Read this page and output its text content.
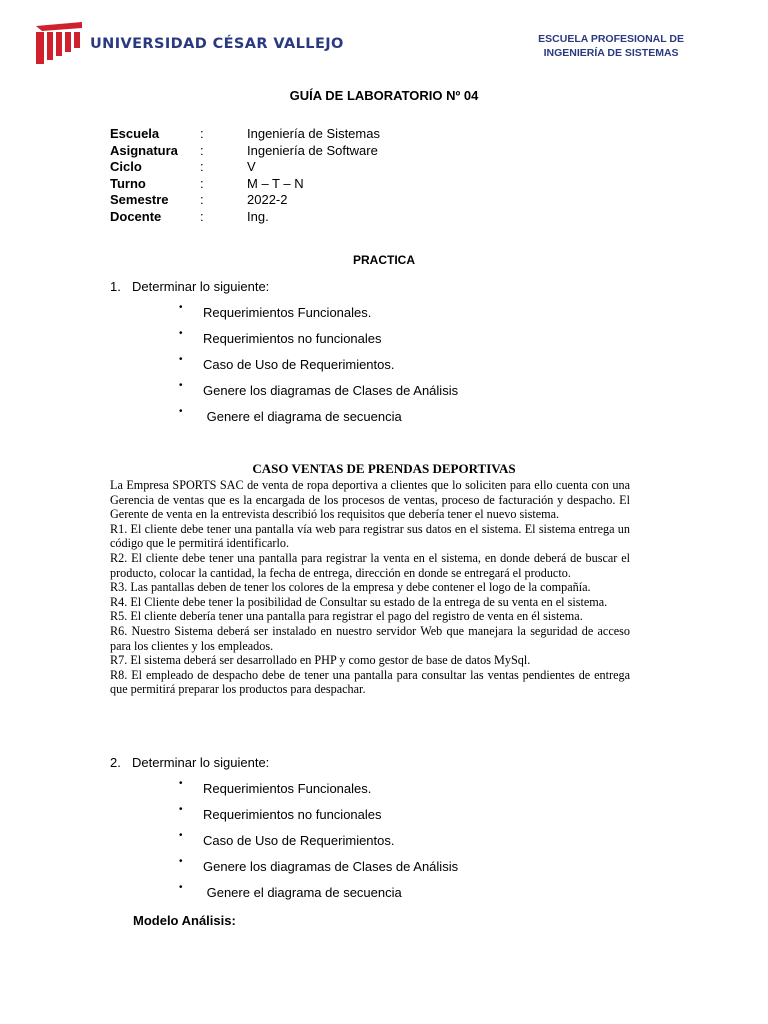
UNIVERSIDAD CÉSAR VALLEJO	ESCUELA PROFESIONAL DE
INGENIERÍA DE SISTEMAS
GUÍA DE LABORATORIO Nº 04
Escuela	:	Ingeniería de Sistemas
Asignatura :	Ingeniería de Software
Ciclo	:	V
Turno	:	M – T – N
Semestre :	2022-2
Docente	:	Ing.
PRACTICA
1. Determinar lo siguiente:
• Requerimientos Funcionales.
• Requerimientos no funcionales
• Caso de Uso de Requerimientos.
• Genere los diagramas de Clases de Análisis
• Genere el diagrama de secuencia
CASO VENTAS DE PRENDAS DEPORTIVAS

La Empresa SPORTS SAC de venta de ropa deportiva a clientes que lo soliciten para ello cuenta con una Gerencia de ventas que es la encargada de los procesos de ventas, proceso de facturación y despacho. El Gerente de venta en la entrevista describió los requisitos que debería tener el nuevo sistema.

R1. El cliente debe tener una pantalla vía web para registrar sus datos en el sistema. El sistema entrega un código que le permitirá identificarlo.

R2. El cliente debe tener una pantalla para registrar la venta en el sistema, en donde deberá de buscar el producto, colocar la cantidad, la fecha de entrega, dirección en donde se entregará el producto.

R3. Las pantallas deben de tener los colores de la empresa y debe contener el logo de la compañía.

R4. El Cliente debe tener la posibilidad de Consultar su estado de la entrega de su venta en el sistema.

R5. El cliente debería tener una pantalla para registrar el pago del registro de venta en él sistema.

R6. Nuestro Sistema deberá ser instalado en nuestro servidor Web que manejara la seguridad de acceso para los clientes y los empleados.

R7. El sistema deberá ser desarrollado en PHP y como gestor de base de datos MySql.

R8. El empleado de despacho debe de tener una pantalla para consultar las ventas pendientes de entrega que permitirá preparar los productos para despachar.

2. Determinar lo siguiente:
• Requerimientos Funcionales.
• Requerimientos no funcionales
• Caso de Uso de Requerimientos.
• Genere los diagramas de Clases de Análisis
• Genere el diagrama de secuencia
Modelo Análisis:
